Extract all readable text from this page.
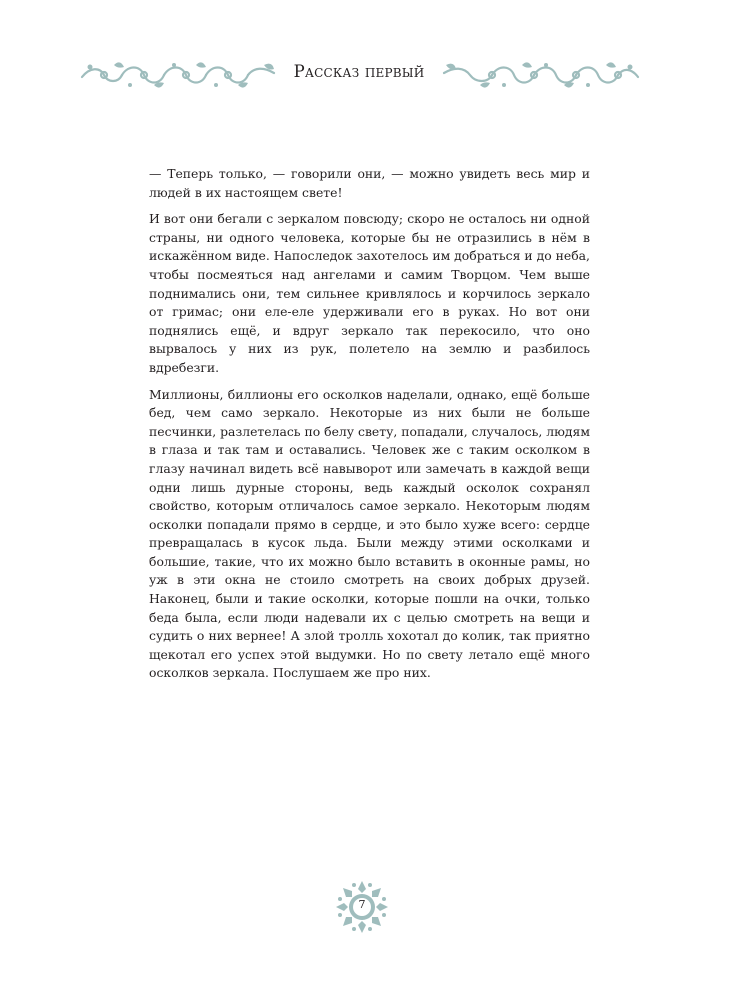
Рассказ первый

— Теперь только, — говорили они, — можно увидеть весь мир и людей в их настоящем свете!

И вот они бегали с зеркалом повсюду; скоро не осталось ни одной страны, ни одного человека, которые бы не отразились в нём в искажённом виде. Напоследок захотелось им добраться и до неба, чтобы посмеяться над ангелами и самим Творцом. Чем выше поднимались они, тем сильнее кривлялось и корчилось зеркало от гримас; они еле-еле удерживали его в руках. Но вот они поднялись ещё, и вдруг зеркало так перекосило, что оно вырвалось у них из рук, полетело на землю и разбилось вдребезги.

Миллионы, биллионы его осколков наделали, однако, ещё больше бед, чем само зеркало. Некоторые из них были не больше песчинки, разлетелась по белу свету, попадали, случалось, людям в глаза и так там и оставались. Человек же с таким осколком в глазу начинал видеть всё навыворот или замечать в каждой вещи одни лишь дурные стороны, ведь каждый осколок сохранял свойство, которым отличалось самое зеркало. Некоторым людям осколки попадали прямо в сердце, и это было хуже всего: сердце превращалась в кусок льда. Были между этими осколками и большие, такие, что их можно было вставить в оконные рамы, но уж в эти окна не стоило смотреть на своих добрых друзей. Наконец, были и такие осколки, которые пошли на очки, только беда была, если люди надевали их с целью смотреть на вещи и судить о них вернее! А злой тролль хохотал до колик, так приятно щекотал его успех этой выдумки. Но по свету летало ещё много осколков зеркала. Послушаем же про них.

7
